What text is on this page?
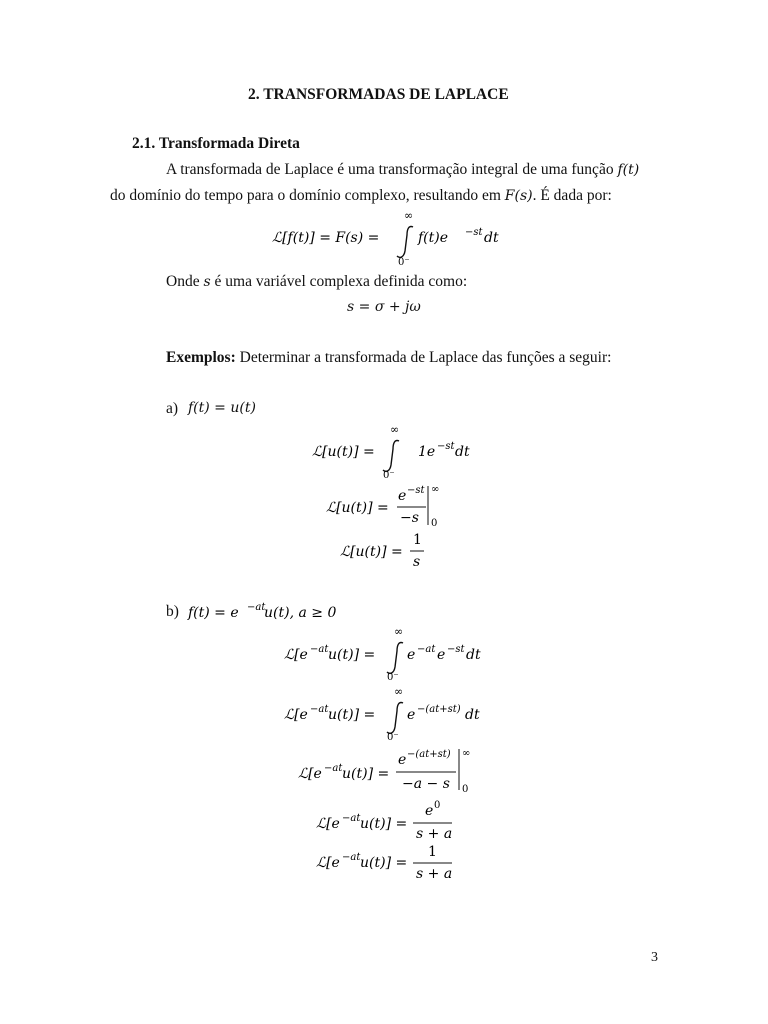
2. TRANSFORMADAS DE LAPLACE
2.1. Transformada Direta
A transformada de Laplace é uma transformação integral de uma função f(t)
do domínio do tempo para o domínio complexo, resultando em F(s). É dada por:
ℒ[f(t)] = F(s) =
∞
0⁻
f(t)e −st dt
Onde s é uma variável complexa definida como:
s = σ + jω
Exemplos: Determinar a transformada de Laplace das funções a seguir:
a) f(t) = u(t)
ℒ[u(t)] =
∞
0⁻
1e −st dt
ℒ[u(t)] =
e −st
−s
∞
0
ℒ[u(t)] =
1
s
b) f(t) = e −at
u(t), a ≥ 0
ℒ[e −at u(t)] =
∞
0⁻
e −at e −st dt
ℒ[e −at u(t)] =
∞
0⁻
e −(at+st) dt
ℒ[e −at u(t)] =
e −(at+st)
−a − s
∞
0
ℒ[e −at u(t)] =
e 0
s + a
ℒ[e −at u(t)] =
1
s + a
3
